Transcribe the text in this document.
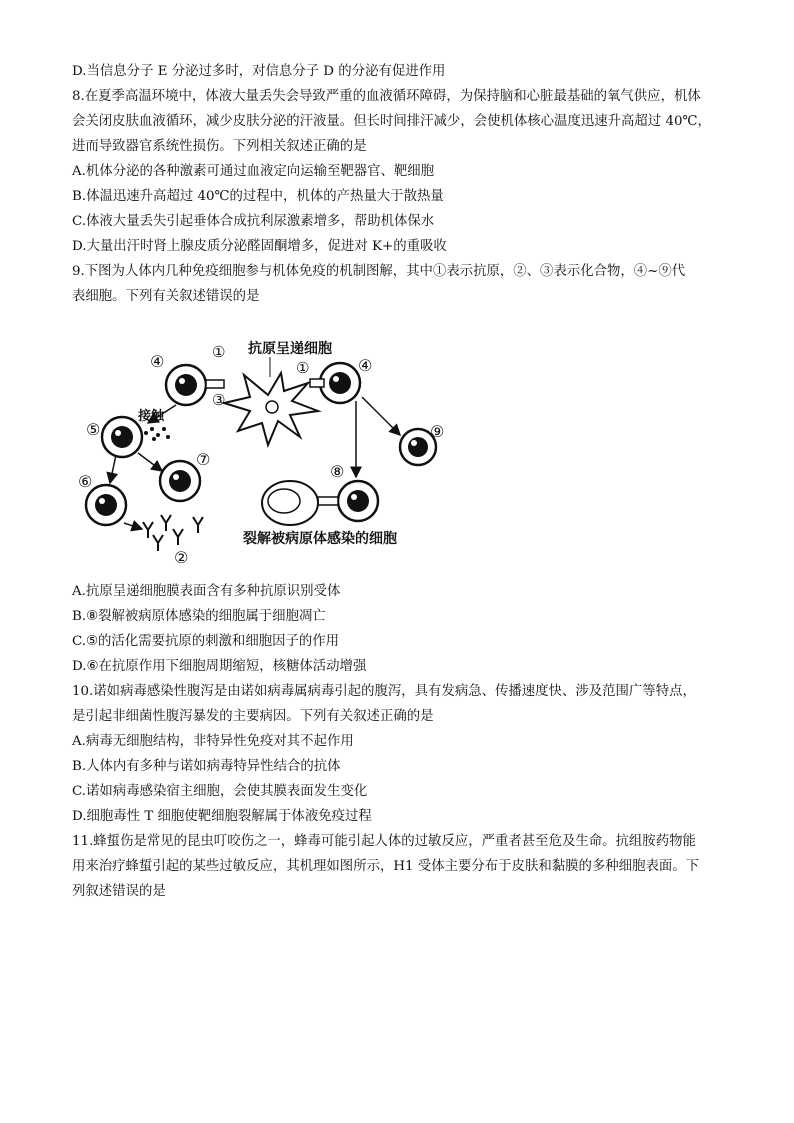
D.当信息分子 E 分泌过多时，对信息分子 D 的分泌有促进作用
8.在夏季高温环境中，体液大量丢失会导致严重的血液循环障碍，为保持脑和心脏最基础的氧气供应，机体
会关闭皮肤血液循环，减少皮肤分泌的汗液量。但长时间排汗减少，会使机体核心温度迅速升高超过 40℃，
进而导致器官系统性损伤。下列相关叙述正确的是
A.机体分泌的各种激素可通过血液定向运输至靶器官、靶细胞
B.体温迅速升高超过 40℃的过程中，机体的产热量大于散热量
C.体液大量丢失引起垂体合成抗利尿激素增多，帮助机体保水
D.大量出汗时肾上腺皮质分泌醛固酮增多，促进对 K+的重吸收
9.下图为人体内几种免疫细胞参与机体免疫的机制图解，其中①表示抗原，②、③表示化合物，④~⑨代
表细胞。下列有关叙述错误的是
抗原呈递细胞
④	①
③
④
①
⑤
接触
⑦
⑥
②
⑨
⑧
裂解被病原体感染的细胞
A.抗原呈递细胞膜表面含有多种抗原识别受体
B.⑧裂解被病原体感染的细胞属于细胞凋亡
C.⑤的活化需要抗原的刺激和细胞因子的作用
D.⑥在抗原作用下细胞周期缩短，核糖体活动增强
10.诺如病毒感染性腹泻是由诺如病毒属病毒引起的腹泻，具有发病急、传播速度快、涉及范围广等特点，
是引起非细菌性腹泻暴发的主要病因。下列有关叙述正确的是
A.病毒无细胞结构，非特异性免疫对其不起作用
B.人体内有多种与诺如病毒特异性结合的抗体
C.诺如病毒感染宿主细胞，会使其膜表面发生变化
D.细胞毒性 T 细胞使靶细胞裂解属于体液免疫过程
11.蜂蜇伤是常见的昆虫叮咬伤之一，蜂毒可能引起人体的过敏反应，严重者甚至危及生命。抗组胺药物能
用来治疗蜂蜇引起的某些过敏反应，其机理如图所示，H1 受体主要分布于皮肤和黏膜的多种细胞表面。下
列叙述错误的是
